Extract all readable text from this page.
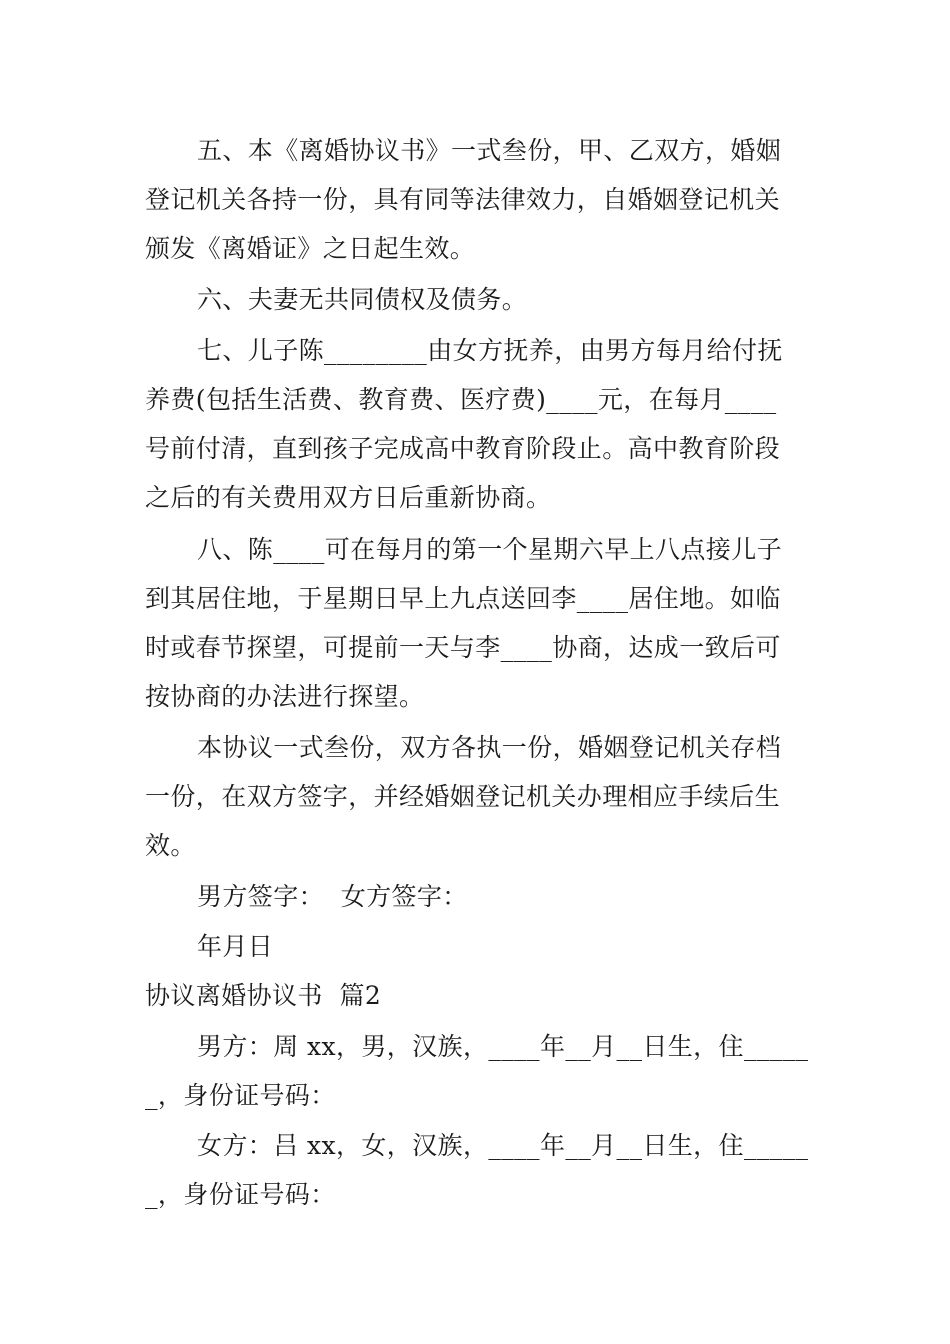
五、本《离婚协议书》一式叁份，甲、乙双方，婚姻
登记机关各持一份，具有同等法律效力，自婚姻登记机关
颁发《离婚证》之日起生效。
六、夫妻无共同债权及债务。
七、儿子陈________由女方抚养，由男方每月给付抚
养费(包括生活费、教育费、医疗费)____元，在每月____
号前付清，直到孩子完成高中教育阶段止。高中教育阶段
之后的有关费用双方日后重新协商。
八、陈____可在每月的第一个星期六早上八点接儿子
到其居住地，于星期日早上九点送回李____居住地。如临
时或春节探望，可提前一天与李____协商，达成一致后可
按协商的办法进行探望。
本协议一式叁份，双方各执一份，婚姻登记机关存档
一份，在双方签字，并经婚姻登记机关办理相应手续后生
效。
男方签字：  女方签字：
年月日
协议离婚协议书  篇2
男方：周 xx，男，汉族，____年__月__日生，住_____
_，身份证号码：
女方：吕 xx，女，汉族，____年__月__日生，住_____
_，身份证号码：
